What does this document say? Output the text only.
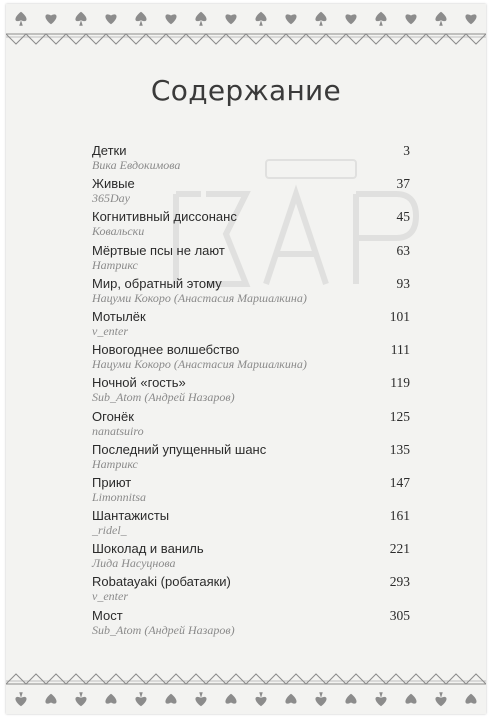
Содержание
Детки	3
Вика Евдокимова
Живые	37
365Day
Когнитивный диссонанс	45
Ковальски
Мёртвые псы не лают	63
Натрикс
Мир, обратный этому	93
Нацуми Кокоро (Анастасия Маршалкина)
Мотылёк	101
v_enter
Новогоднее волшебство	111
Нацуми Кокоро (Анастасия Маршалкина)
Ночной «гость»	119
Sub_Atom (Андрей Назаров)
Огонёк	125
nanatsuiro
Последний упущенный шанс	135
Натрикс
Приют	147
Limonnitsa
Шантажисты	161
_ridel_
Шоколад и ваниль	221
Лида Насуцнова
Robatayaki (робатаяки)	293
v_enter
Мост	305
Sub_Atom (Андрей Назаров)
